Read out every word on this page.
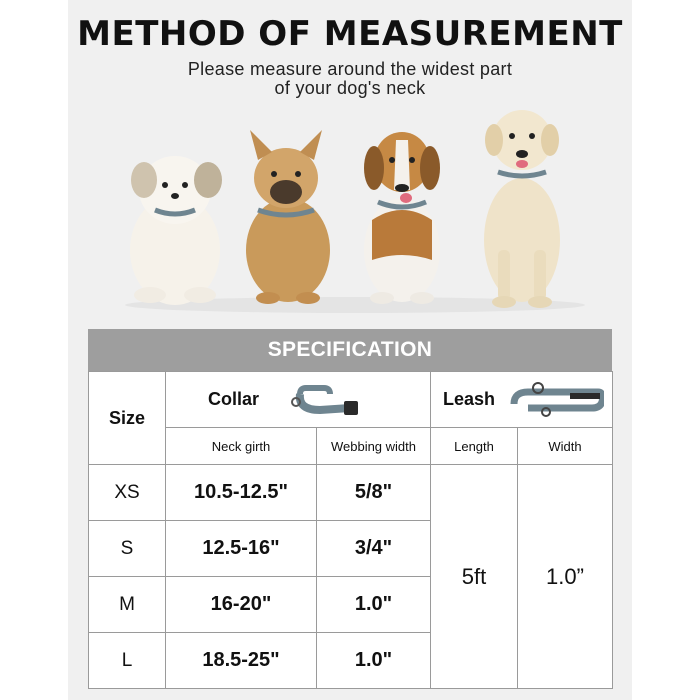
METHOD OF MEASUREMENT
Please measure around the widest part
of your dog's neck
SPECIFICATION
Size	Collar		Leash	
	Neck girth	Webbing width	Length	Width
XS	10.5-12.5"	5/8"	5ft	1.0”
S	12.5-16"	3/4"		
M	16-20"	1.0"		
L	18.5-25"	1.0"		
